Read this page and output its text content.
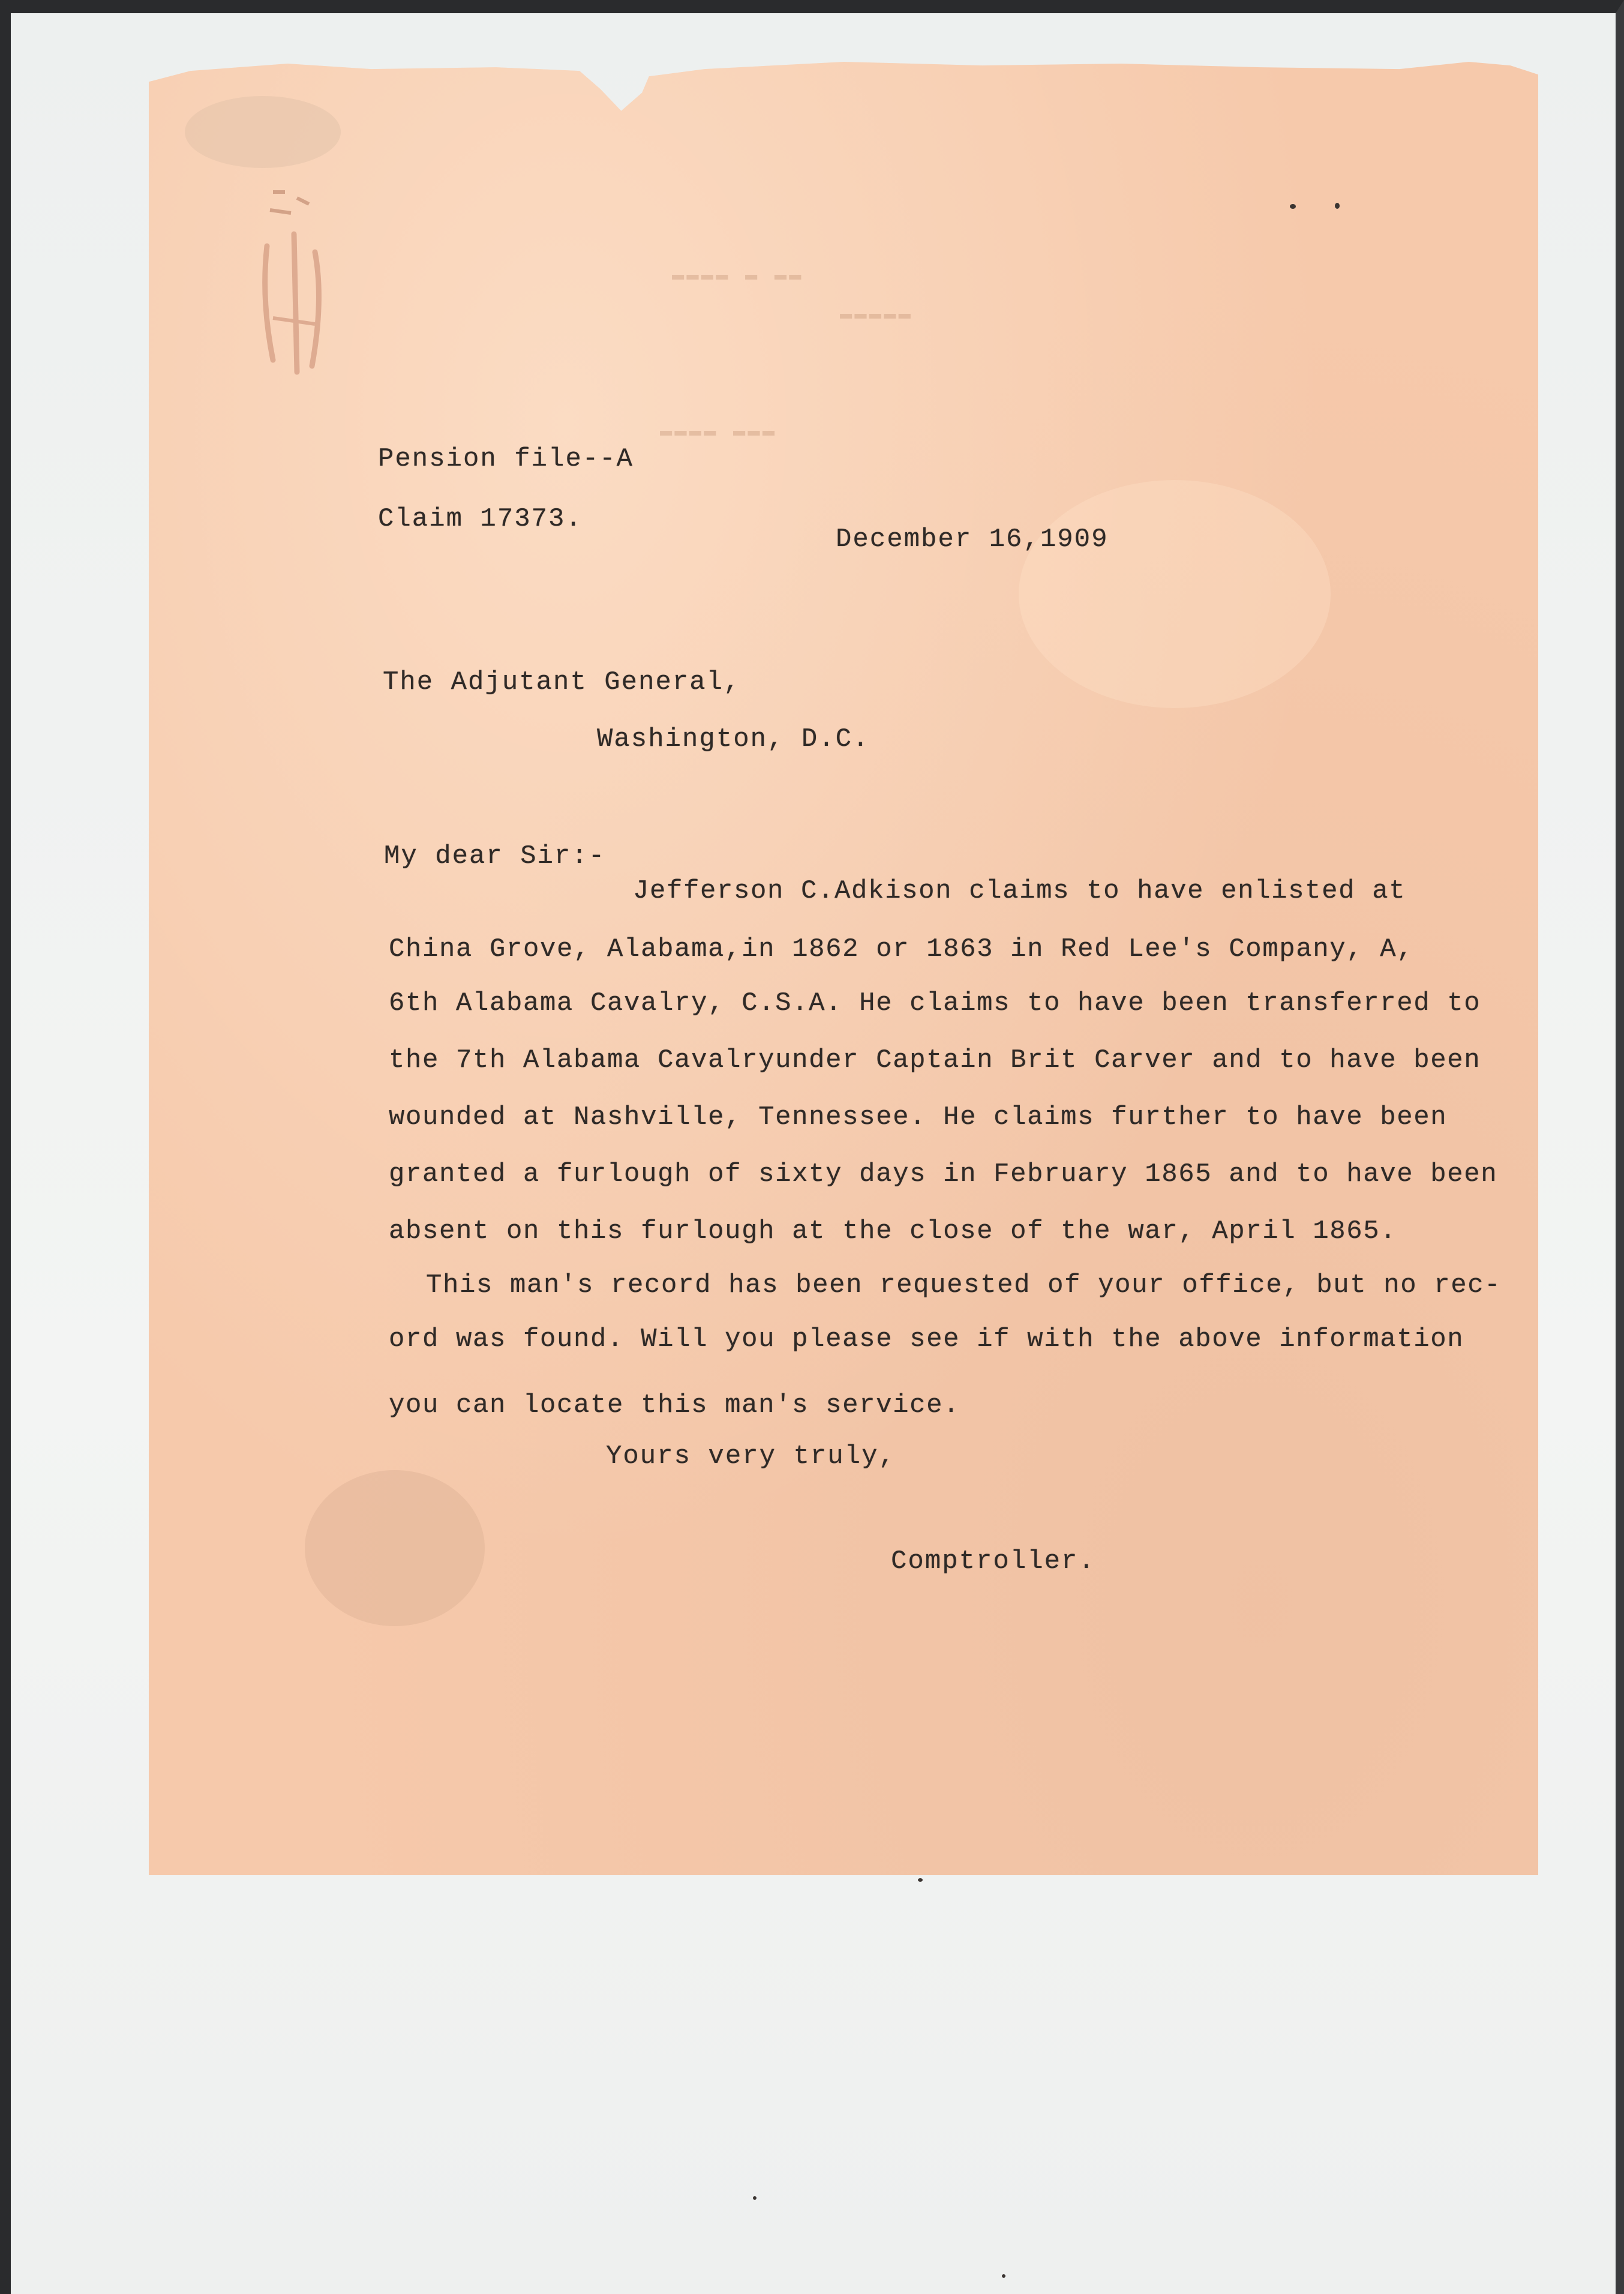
▬▬▬▬ ▬ ▬▬
▬▬▬▬▬
▬▬▬▬ ▬▬▬
Pension file--A
Claim 17373.
December 16,1909
The Adjutant General,
Washington, D.C.
My dear Sir:-
Jefferson C.Adkison claims to have enlisted at
China Grove, Alabama,in 1862 or 1863 in Red Lee's Company, A,
6th Alabama Cavalry, C.S.A. He claims to have been transferred to
the 7th Alabama Cavalryunder Captain Brit Carver and to have been
wounded at Nashville, Tennessee. He claims further to have been
granted a furlough of sixty days in February 1865 and to have been
absent on this furlough at the close of the war, April 1865.
This man's record has been requested of your office, but no rec-
ord was found. Will you please see if with the above information
you can locate this man's service.
Yours very truly,
Comptroller.
